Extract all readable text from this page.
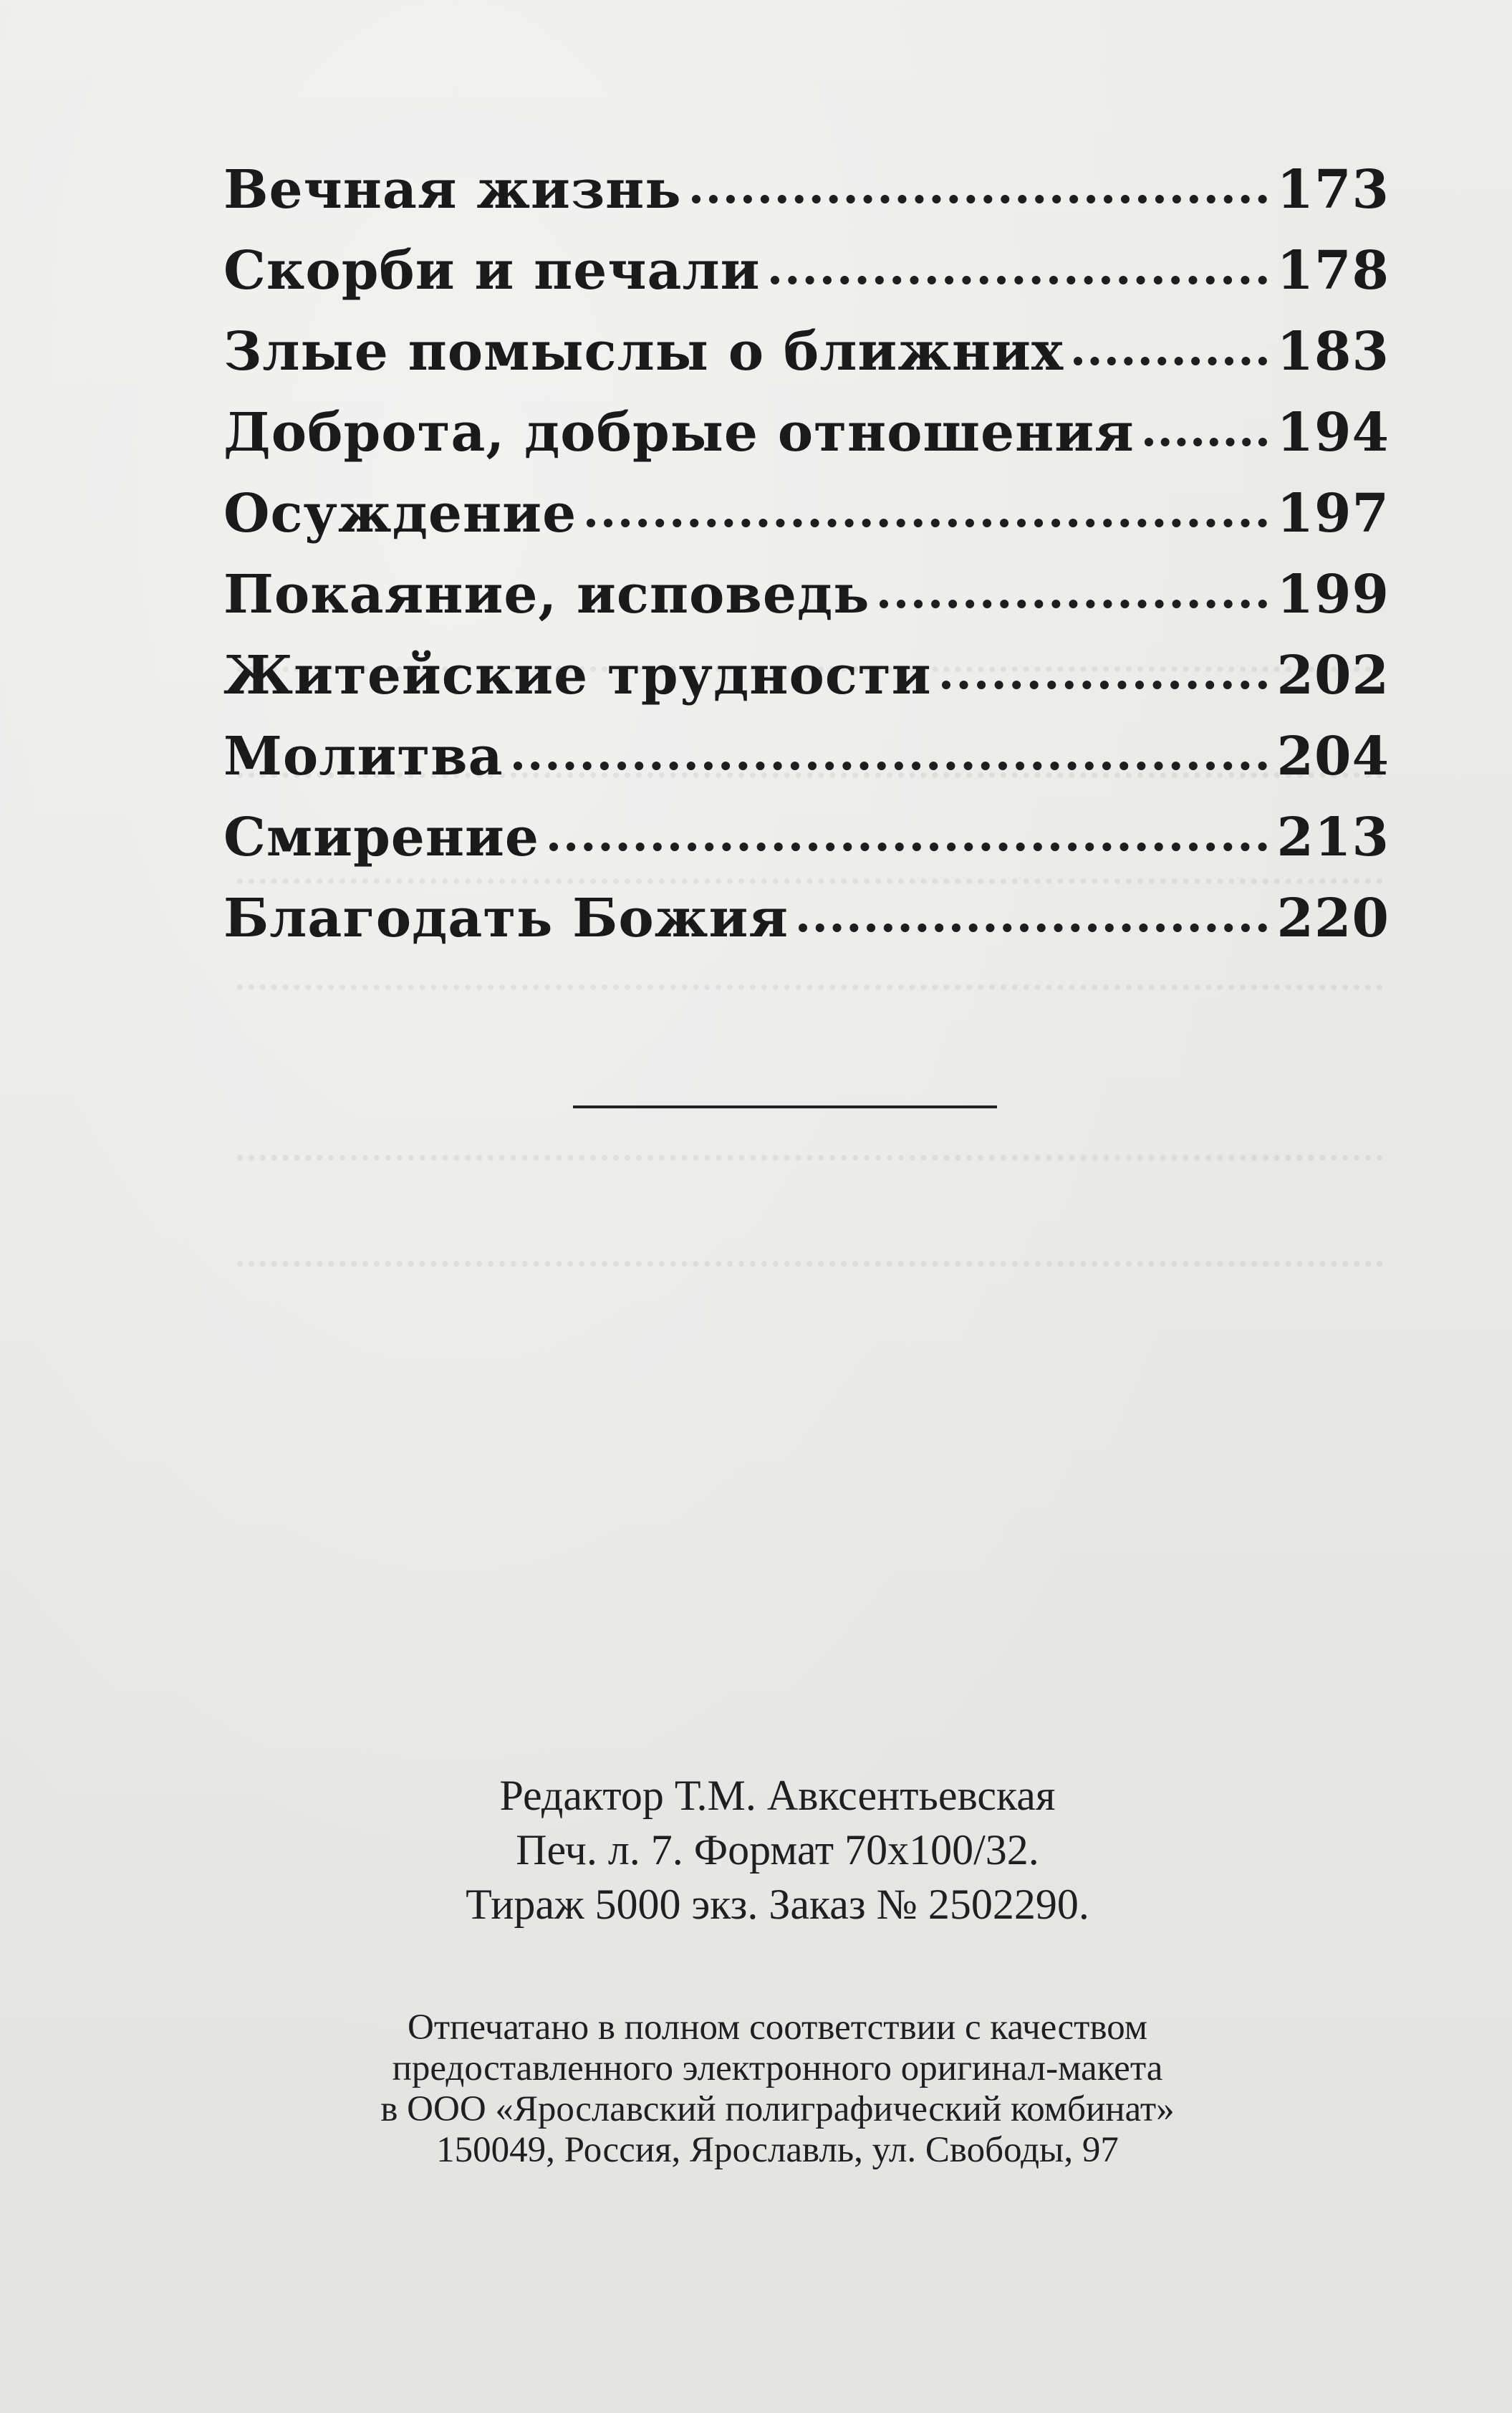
Вечная жизнь	173
Скорби и печали	178
Злые помыслы о ближних	183
Доброта, добрые отношения	194
Осуждение	197
Покаяние, исповедь	199
Житейские трудности	202
Молитва	204
Смирение	213
Благодать Божия	220
Редактор Т.М. Авксентьевская
Печ. л. 7. Формат 70х100/32.
Тираж 5000 экз. Заказ № 2502290.
Отпечатано в полном соответствии с качеством
предоставленного электронного оригинал-макета
в ООО «Ярославский полиграфический комбинат»
150049, Россия, Ярославль, ул. Свободы, 97
